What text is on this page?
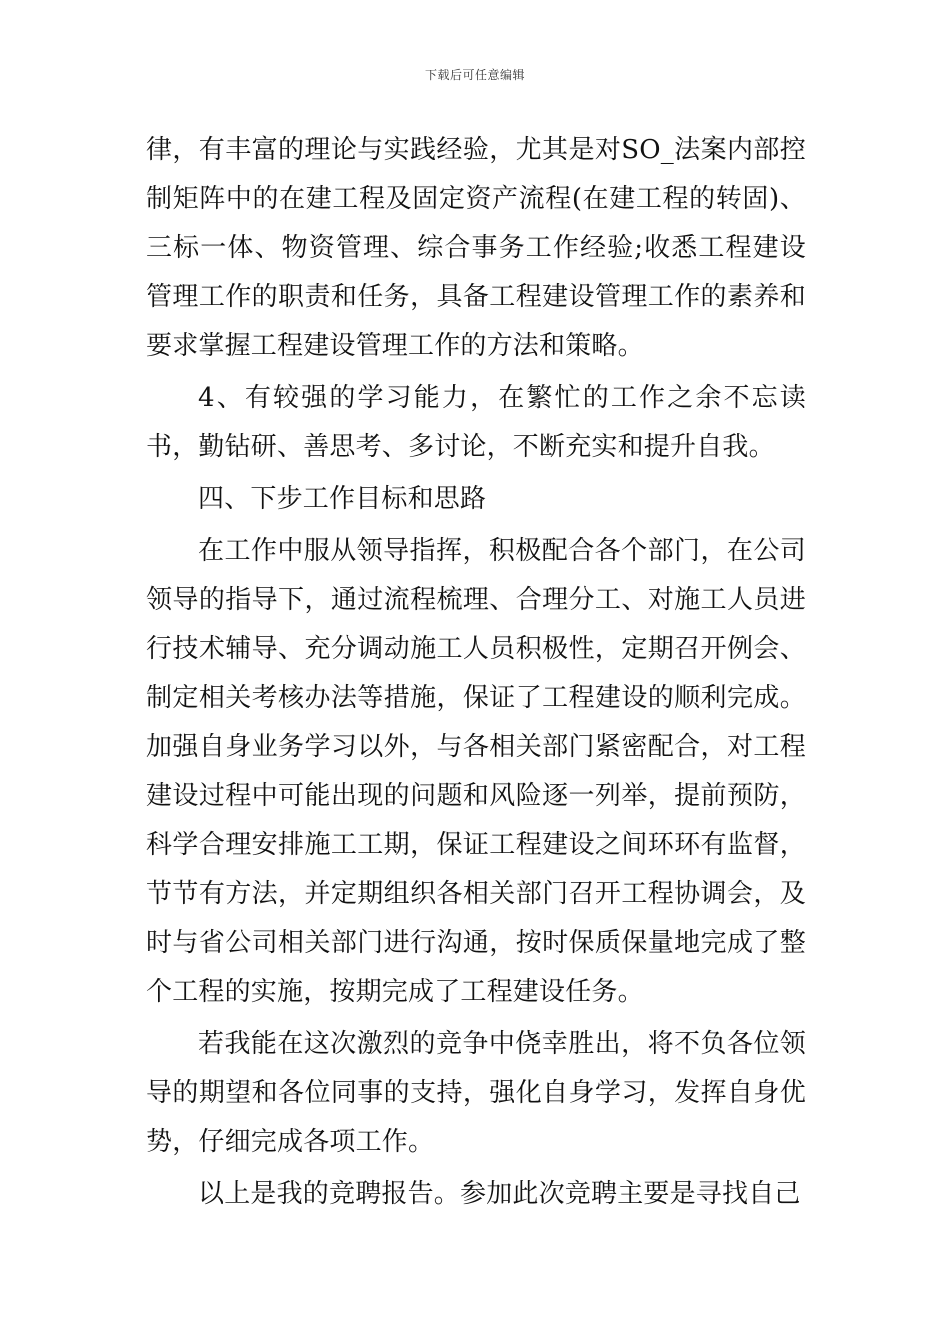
下载后可任意编辑

律，有丰富的理论与实践经验，尤其是对SO_法案内部控制矩阵中的在建工程及固定资产流程(在建工程的转固)、三标一体、物资管理、综合事务工作经验;收悉工程建设管理工作的职责和任务，具备工程建设管理工作的素养和要求掌握工程建设管理工作的方法和策略。

4、有较强的学习能力，在繁忙的工作之余不忘读书，勤钻研、善思考、多讨论，不断充实和提升自我。

四、下步工作目标和思路

在工作中服从领导指挥，积极配合各个部门，在公司领导的指导下，通过流程梳理、合理分工、对施工人员进行技术辅导、充分调动施工人员积极性，定期召开例会、制定相关考核办法等措施，保证了工程建设的顺利完成。加强自身业务学习以外，与各相关部门紧密配合，对工程建设过程中可能出现的问题和风险逐一列举，提前预防，科学合理安排施工工期，保证工程建设之间环环有监督，节节有方法，并定期组织各相关部门召开工程协调会，及时与省公司相关部门进行沟通，按时保质保量地完成了整个工程的实施，按期完成了工程建设任务。

若我能在这次激烈的竞争中侥幸胜出，将不负各位领导的期望和各位同事的支持，强化自身学习，发挥自身优势，仔细完成各项工作。

以上是我的竞聘报告。参加此次竞聘主要是寻找自己
